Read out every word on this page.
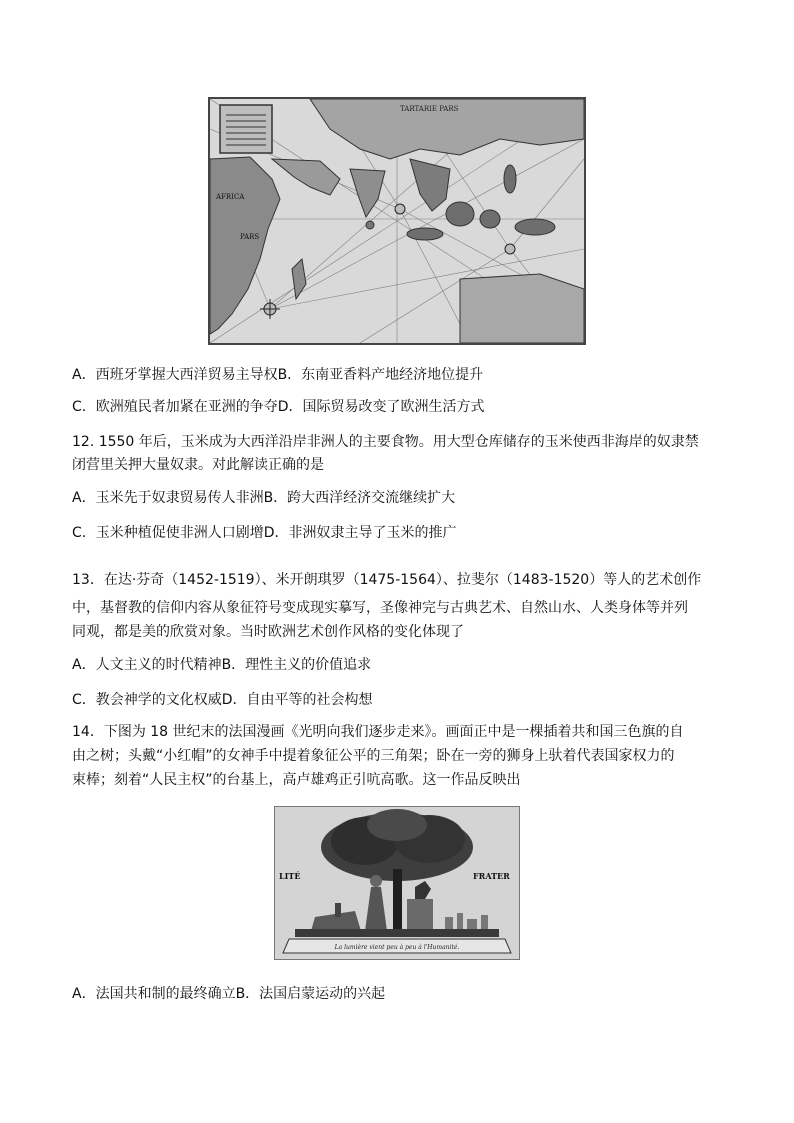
TARTARIE PARS
AFRICA
PARS
A．西班牙掌握大西洋贸易主导权B．东南亚香料产地经济地位提升
C．欧洲殖民者加紧在亚洲的争夺D．国际贸易改变了欧洲生活方式
12. 1550 年后，玉米成为大西洋沿岸非洲人的主要食物。用大型仓库储存的玉米使西非海岸的奴隶禁
闭营里关押大量奴隶。对此解读正确的是
A．玉米先于奴隶贸易传人非洲B．跨大西洋经济交流继续扩大
C．玉米种植促使非洲人口剧增D．非洲奴隶主导了玉米的推广
13．在达·芬奇（1452-1519）、米开朗琪罗（1475-1564）、拉斐尔（1483-1520）等人的艺术创作
中，基督教的信仰内容从象征符号变成现实摹写，圣像神完与古典艺术、自然山水、人类身体等并列
同观，都是美的欣赏对象。当时欧洲艺术创作风格的变化体现了
A．人文主义的时代精神B．理性主义的价值追求
C．教会神学的文化权威D．自由平等的社会构想
14．下图为 18 世纪末的法国漫画《光明向我们逐步走来》。画面正中是一棵插着共和国三色旗的自
由之树；头戴“小红帽”的女神手中提着象征公平的三角架；卧在一旁的狮身上驮着代表国家权力的
束棒；刻着“人民主权”的台基上，高卢雄鸡正引吭高歌。这一作品反映出
La lumière vient peu à peu à l'Humanité.
LITÉ	FRATER
A．法国共和制的最终确立B．法国启蒙运动的兴起
